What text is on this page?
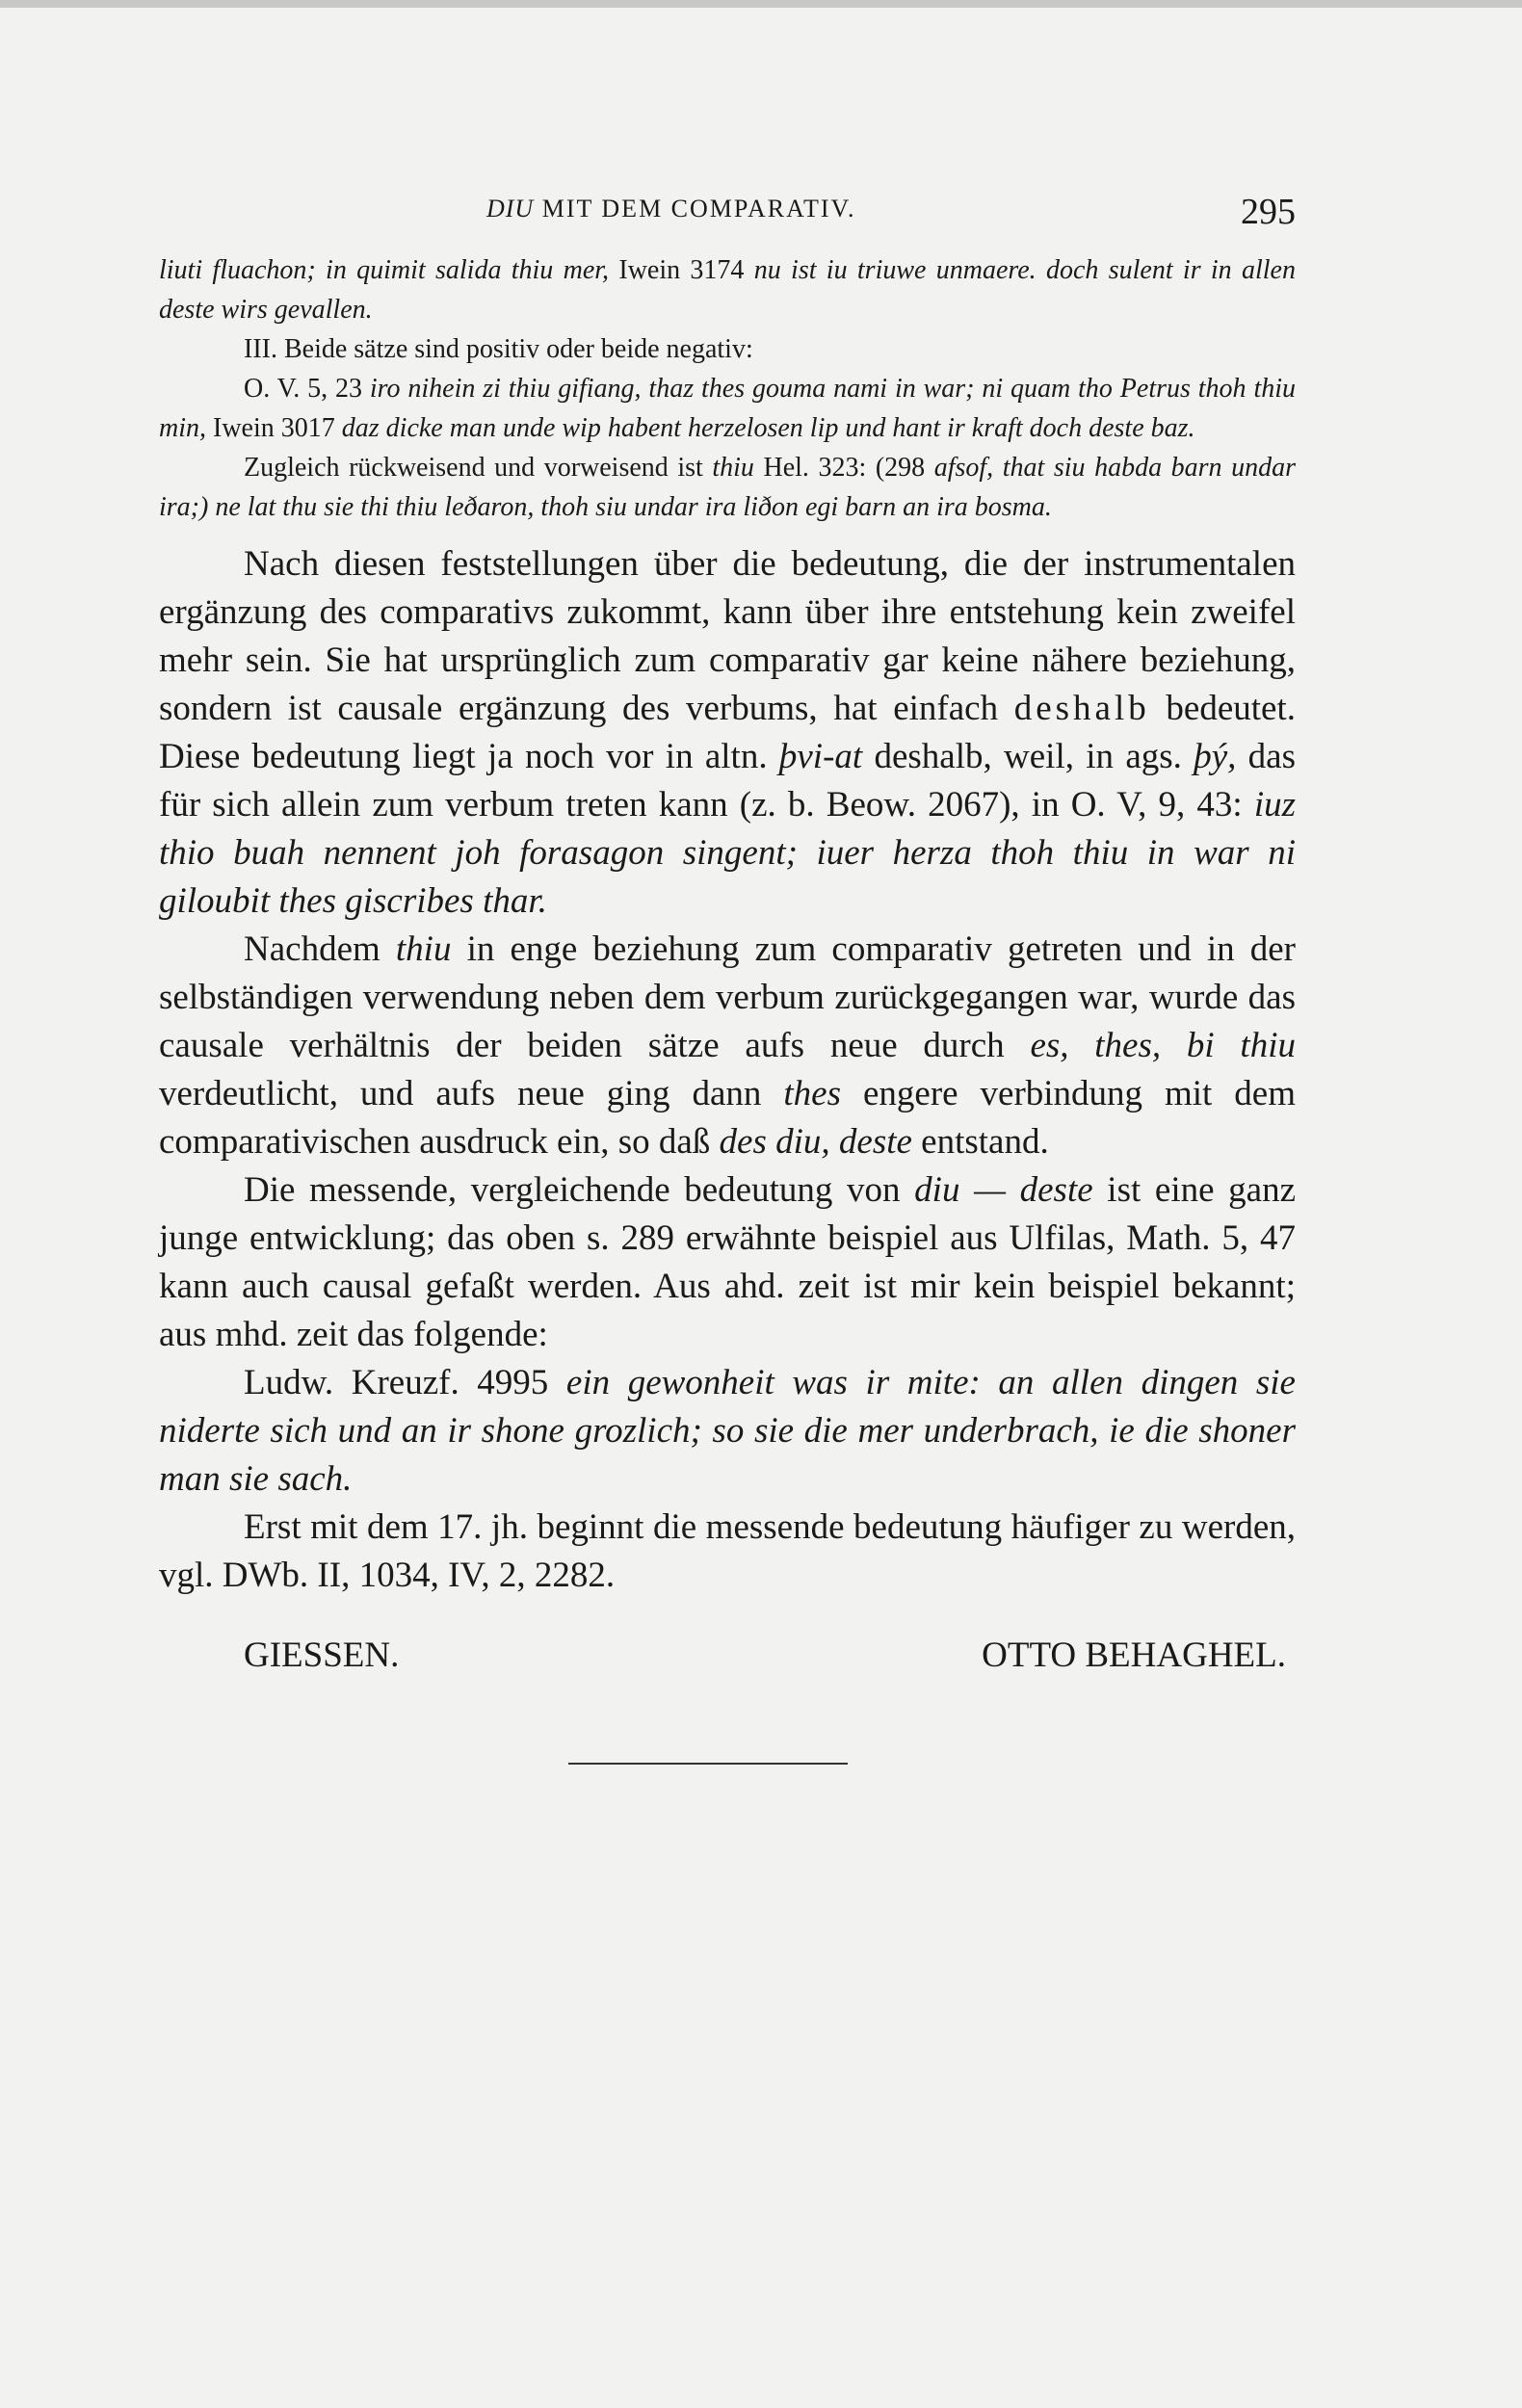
DIU MIT DEM COMPARATIV.	295

liuti fluachon; in quimit salida thiu mer, Iwein 3174 nu ist iu triuwe unmaere. doch sulent ir in allen deste wirs gevallen.

III. Beide sätze sind positiv oder beide negativ:

O. V. 5, 23 iro nihein zi thiu gifiang, thaz thes gouma nami in war; ni quam tho Petrus thoh thiu min, Iwein 3017 daz dicke man unde wip habent herzelosen lip und hant ir kraft doch deste baz.

Zugleich rückweisend und vorweisend ist thiu Hel. 323: (298 afsof, that siu habda barn undar ira;) ne lat thu sie thi thiu leðaron, thoh siu undar ira liðon egi barn an ira bosma.

Nach diesen feststellungen über die bedeutung, die der instrumentalen ergänzung des comparativs zukommt, kann über ihre entstehung kein zweifel mehr sein. Sie hat ursprünglich zum comparativ gar keine nähere beziehung, sondern ist causale ergänzung des verbums, hat einfach deshalb bedeutet. Diese bedeutung liegt ja noch vor in altn. þvi-at deshalb, weil, in ags. þý, das für sich allein zum verbum treten kann (z. b. Beow. 2067), in O. V, 9, 43: iuz thio buah nennent joh forasagon singent; iuer herza thoh thiu in war ni giloubit thes giscribes thar.

Nachdem thiu in enge beziehung zum comparativ getreten und in der selbständigen verwendung neben dem verbum zurückgegangen war, wurde das causale verhältnis der beiden sätze aufs neue durch es, thes, bi thiu verdeutlicht, und aufs neue ging dann thes engere verbindung mit dem comparativischen ausdruck ein, so daß des diu, deste entstand.

Die messende, vergleichende bedeutung von diu — deste ist eine ganz junge entwicklung; das oben s. 289 erwähnte beispiel aus Ulfilas, Math. 5, 47 kann auch causal gefaßt werden. Aus ahd. zeit ist mir kein beispiel bekannt; aus mhd. zeit das folgende:

Ludw. Kreuzf. 4995 ein gewonheit was ir mite: an allen dingen sie niderte sich und an ir shone grozlich; so sie die mer underbrach, ie die shoner man sie sach.

Erst mit dem 17. jh. beginnt die messende bedeutung häufiger zu werden, vgl. DWb. II, 1034, IV, 2, 2282.

GIESSEN.	OTTO BEHAGHEL.
